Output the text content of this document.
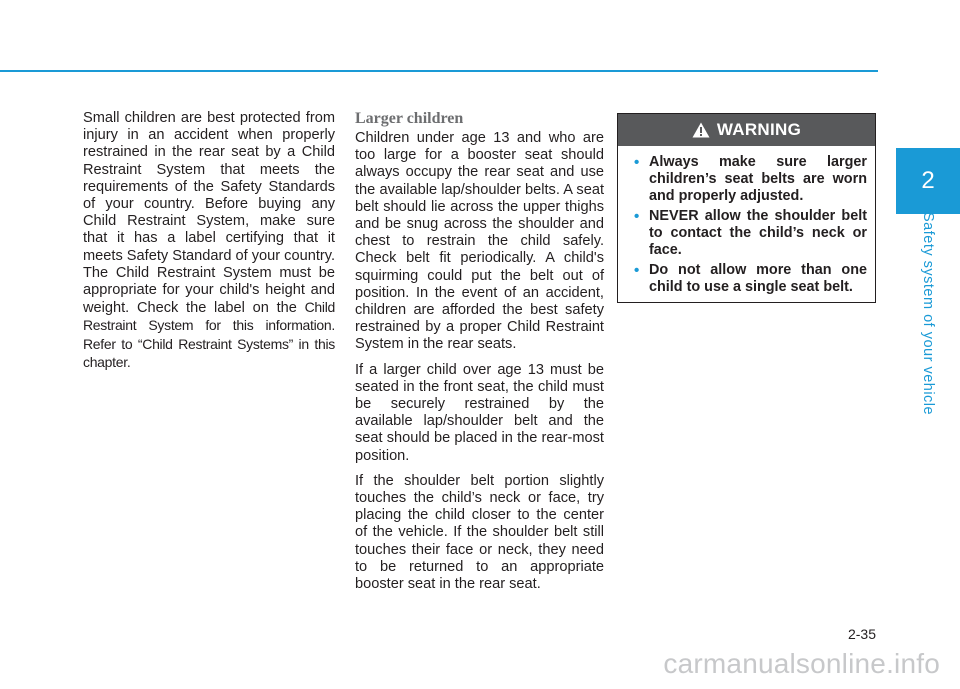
Small children are best protected from injury in an accident when properly restrained in the rear seat by a Child Restraint System that meets the requirements of the Safety Standards of your country. Before buying any Child Restraint System, make sure that it has a label certifying that it meets Safety Standard of your country. The Child Restraint System must be appropriate for your child's height and weight. Check the label on the Child Restraint System for this information. Refer to “Child Restraint Systems” in this chapter.

Larger children

Children under age 13 and who are too large for a booster seat should always occupy the rear seat and use the available lap/shoulder belts. A seat belt should lie across the upper thighs and be snug across the shoulder and chest to restrain the child safely. Check belt fit periodically. A child's squirming could put the belt out of position. In the event of an accident, children are afforded the best safety restrained by a proper Child Restraint System in the rear seats.

If a larger child over age 13 must be seated in the front seat, the child must be securely restrained by the available lap/shoulder belt and the seat should be placed in the rear-most position.

If the shoulder belt portion slightly touches the child’s neck or face, try placing the child closer to the center of the vehicle. If the shoulder belt still touches their face or neck, they need to be returned to an appropriate booster seat in the rear seat.

WARNING
• Always make sure larger children’s seat belts are worn and properly adjusted.
• NEVER allow the shoulder belt to contact the child’s neck or face.
• Do not allow more than one child to use a single seat belt.
2
Safety system of your vehicle
2-35
carmanualsonline.info
